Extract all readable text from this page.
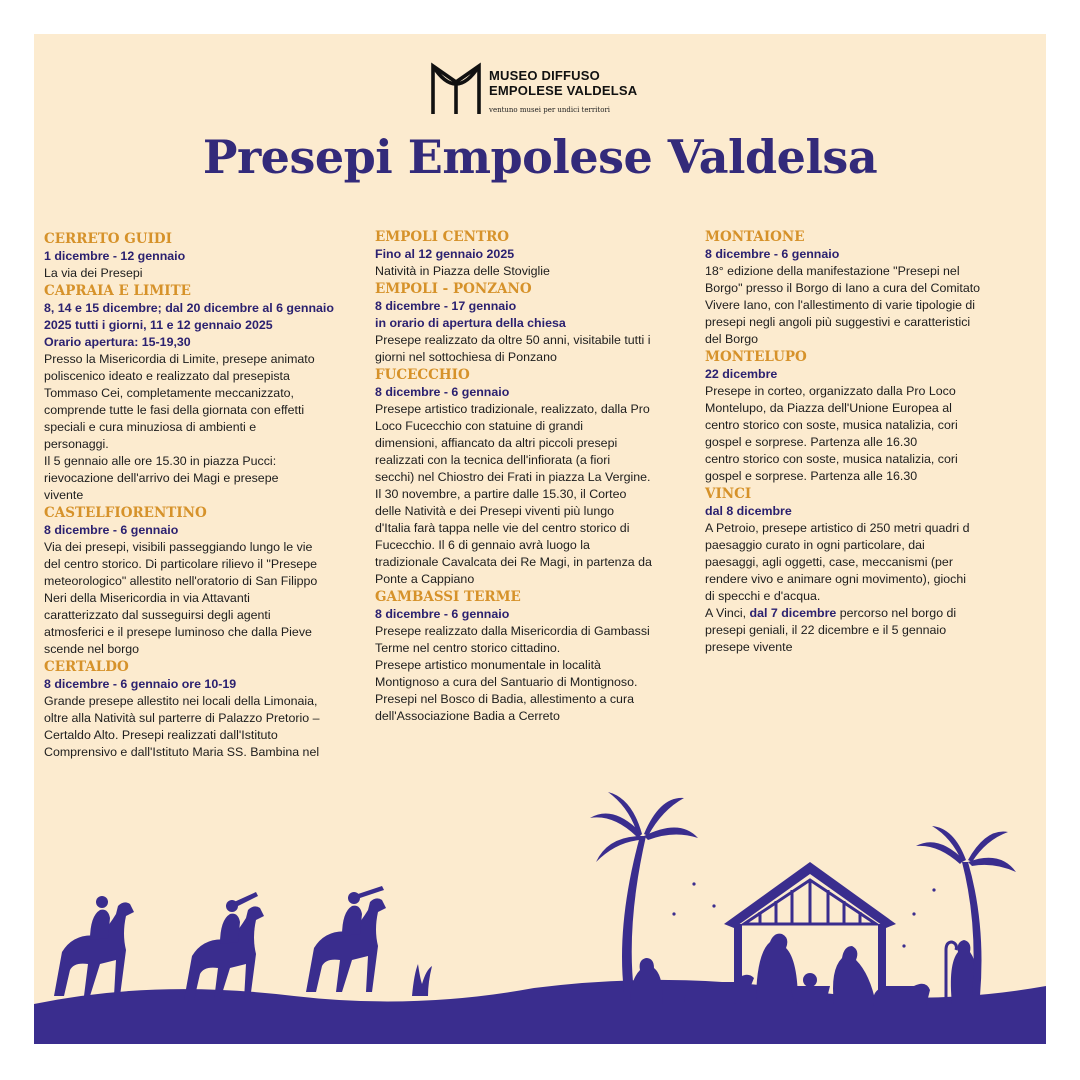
MUSEO DIFFUSO
EMPOLESE VALDELSA
ventuno musei per undici territori
Presepi Empolese Valdelsa
CERRETO GUIDI
1 dicembre - 12 gennaio

La via dei Presepi

CAPRAIA E LIMITE
8, 14 e 15 dicembre; dal 20 dicembre al 6 gennaio
2025 tutti i giorni, 11 e 12 gennaio 2025
Orario apertura: 15-19,30

Presso la Misericordia di Limite, presepe animato

poliscenico ideato e realizzato dal presepista

Tommaso Cei, completamente meccanizzato,

comprende tutte le fasi della giornata con effetti

speciali e cura minuziosa di ambienti e

personaggi.

Il 5 gennaio alle ore 15.30 in piazza Pucci:

rievocazione dell'arrivo dei Magi e presepe

vivente

CASTELFIORENTINO
8 dicembre - 6 gennaio

Via dei presepi, visibili passeggiando lungo le vie

del centro storico. Di particolare rilievo il "Presepe

meteorologico" allestito nell'oratorio di San Filippo

Neri della Misericordia in via Attavanti

caratterizzato dal susseguirsi degli agenti

atmosferici e il presepe luminoso che dalla Pieve

scende nel borgo

CERTALDO
8 dicembre - 6 gennaio ore 10-19

Grande presepe allestito nei locali della Limonaia,

oltre alla Natività sul parterre di Palazzo Pretorio –

Certaldo Alto. Presepi realizzati dall'Istituto

Comprensivo e dall'Istituto Maria SS. Bambina nel

EMPOLI CENTRO
Fino al 12 gennaio 2025

Natività in Piazza delle Stoviglie

EMPOLI - PONZANO
8 dicembre - 17 gennaio
in orario di apertura della chiesa

Presepe realizzato da oltre 50 anni, visitabile tutti i

giorni nel sottochiesa di Ponzano

FUCECCHIO
8 dicembre - 6 gennaio

Presepe artistico tradizionale, realizzato, dalla Pro

Loco Fucecchio con statuine di grandi

dimensioni, affiancato da altri piccoli presepi

realizzati con la tecnica dell'infiorata (a fiori

secchi) nel Chiostro dei Frati in piazza La Vergine.

Il 30 novembre, a partire dalle 15.30, il Corteo

delle Natività e dei Presepi viventi più lungo

d'Italia farà tappa nelle vie del centro storico di

Fucecchio. Il 6 di gennaio avrà luogo la

tradizionale Cavalcata dei Re Magi, in partenza da

Ponte a Cappiano

GAMBASSI TERME
8 dicembre - 6 gennaio

Presepe realizzato dalla Misericordia di Gambassi

Terme nel centro storico cittadino.

Presepe artistico monumentale in località

Montignoso a cura del Santuario di Montignoso.

Presepi nel Bosco di Badia, allestimento a cura

dell'Associazione Badia a Cerreto

MONTAIONE
8 dicembre - 6 gennaio

18° edizione della manifestazione "Presepi nel

Borgo" presso il Borgo di Iano a cura del Comitato

Vivere Iano, con l'allestimento di varie tipologie di

presepi negli angoli più suggestivi e caratteristici

del Borgo

MONTELUPO
22 dicembre

Presepe in corteo, organizzato dalla Pro Loco

Montelupo, da Piazza dell'Unione Europea al

centro storico con soste, musica natalizia, cori

gospel e sorprese. Partenza alle 16.30

centro storico con soste, musica natalizia, cori

gospel e sorprese. Partenza alle 16.30

VINCI
dal 8 dicembre

A Petroio, presepe artistico di 250 metri quadri d

paesaggio curato in ogni particolare, dai

paesaggi, agli oggetti, case, meccanismi (per

rendere vivo e animare ogni movimento), giochi

di specchi e d'acqua.

A Vinci, dal 7 dicembre percorso nel borgo di

presepi geniali, il 22 dicembre e il 5 gennaio

presepe vivente
